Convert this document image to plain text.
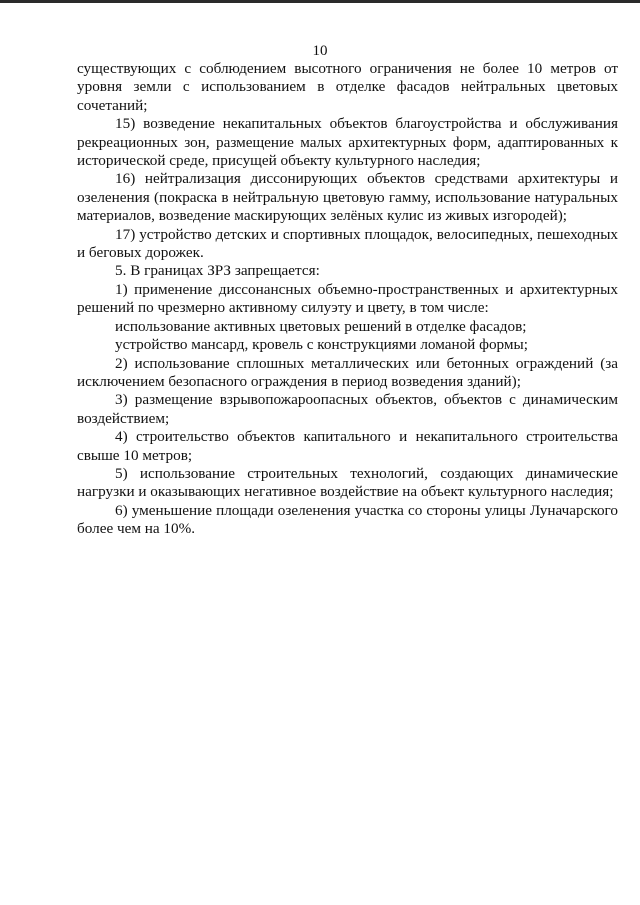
10

существующих с соблюдением высотного ограничения не более 10 метров от уровня земли с использованием в отделке фасадов нейтральных цветовых сочетаний;

15) возведение некапитальных объектов благоустройства и обслуживания рекреационных зон, размещение малых архитектурных форм, адаптированных к исторической среде, присущей объекту культурного наследия;

16) нейтрализация диссонирующих объектов средствами архитектуры и озеленения (покраска в нейтральную цветовую гамму, использование натуральных материалов, возведение маскирующих зелёных кулис из живых изгородей);

17) устройство детских и спортивных площадок, велосипедных, пешеходных и беговых дорожек.

5. В границах ЗРЗ запрещается:

1) применение диссонансных объемно-пространственных и архитектурных решений по чрезмерно активному силуэту и цвету, в том числе:

использование активных цветовых решений в отделке фасадов;

устройство мансард, кровель с конструкциями ломаной формы;

2) использование сплошных металлических или бетонных ограждений (за исключением безопасного ограждения в период возведения зданий);

3) размещение взрывопожароопасных объектов, объектов с динамическим воздействием;

4) строительство объектов капитального и некапитального строительства свыше 10 метров;

5) использование строительных технологий, создающих динамические нагрузки и оказывающих негативное воздействие на объект культурного наследия;

6) уменьшение площади озеленения участка со стороны улицы Луначарского более чем на 10%.
